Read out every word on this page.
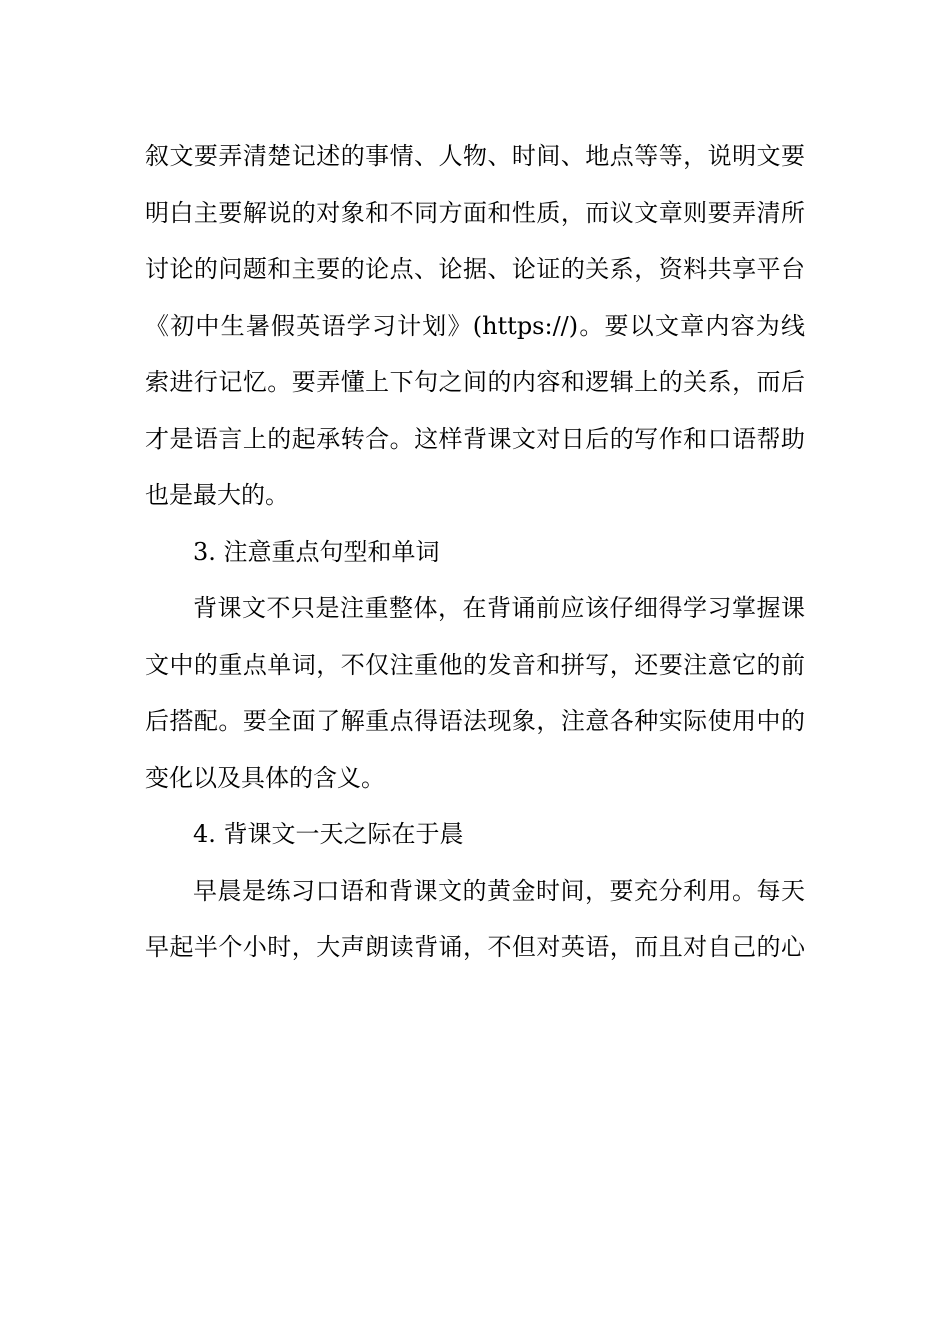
叙文要弄清楚记述的事情、人物、时间、地点等等，说明文要
明白主要解说的对象和不同方面和性质，而议文章则要弄清所
讨论的问题和主要的论点、论据、论证的关系，资料共享平台
《初中生暑假英语学习计划》(https://)。要以文章内容为线
索进行记忆。要弄懂上下句之间的内容和逻辑上的关系，而后
才是语言上的起承转合。这样背课文对日后的写作和口语帮助
也是最大的。
3. 注意重点句型和单词
背课文不只是注重整体，在背诵前应该仔细得学习掌握课
文中的重点单词，不仅注重他的发音和拼写，还要注意它的前
后搭配。要全面了解重点得语法现象，注意各种实际使用中的
变化以及具体的含义。
4. 背课文一天之际在于晨
早晨是练习口语和背课文的黄金时间，要充分利用。每天
早起半个小时，大声朗读背诵，不但对英语，而且对自己的心
